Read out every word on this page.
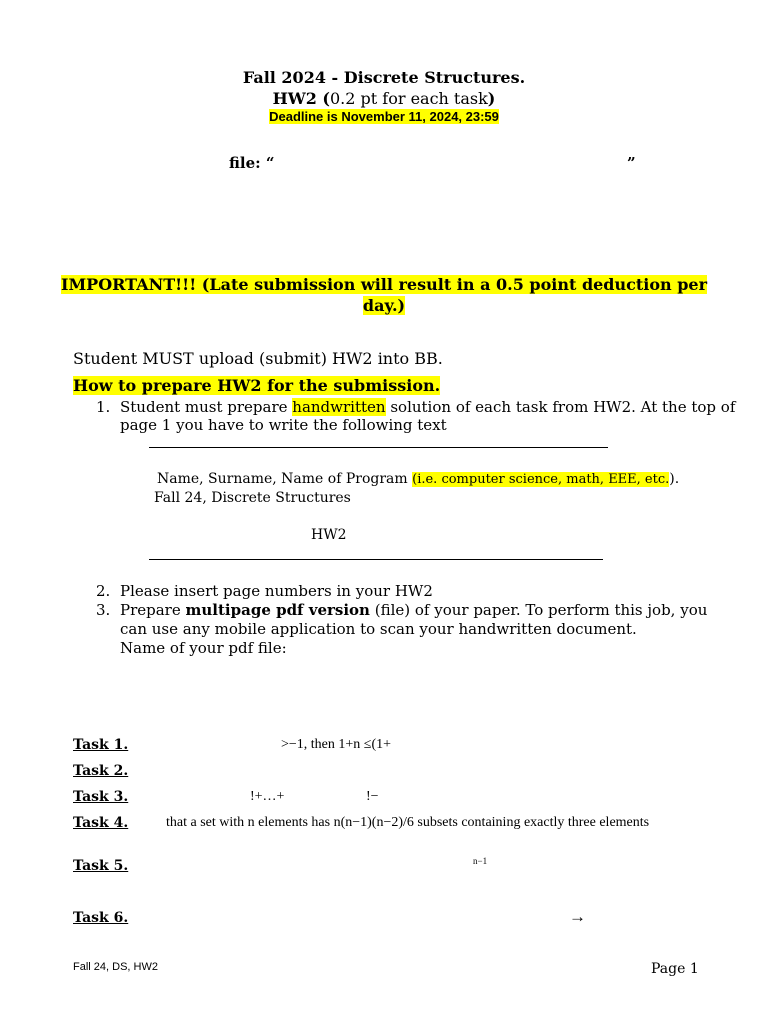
Fall 2024 - Discrete Structures.
HW2 (0.2 pt for each task)
Deadline is November 11, 2024, 23:59
file: “	”
IMPORTANT!!! (Late submission will result in a 0.5 point deduction per
day.)
Student MUST upload (submit) HW2 into BB.
How to prepare HW2 for the submission.
1. Student must prepare handwritten solution of each task from HW2. At the top of
page 1 you have to write the following text
Name, Surname, Name of Program (i.e. computer science, math, EEE, etc.).
Fall 24, Discrete Structures
HW2
2. Please insert page numbers in your HW2
3. Prepare multipage pdf version (file) of your paper. To perform this job, you
can use any mobile application to scan your handwritten document.
Name of your pdf file:
Task 1.	>−1, then 1+n ≤(1+
Task 2.
Task 3.	!+…+	!−
Task 4.	that a set with n elements has n(n−1)(n−2)/6 subsets containing exactly three elements
Task 5.	n−1
Task 6.	→
Fall 24, DS, HW2	Page 1
